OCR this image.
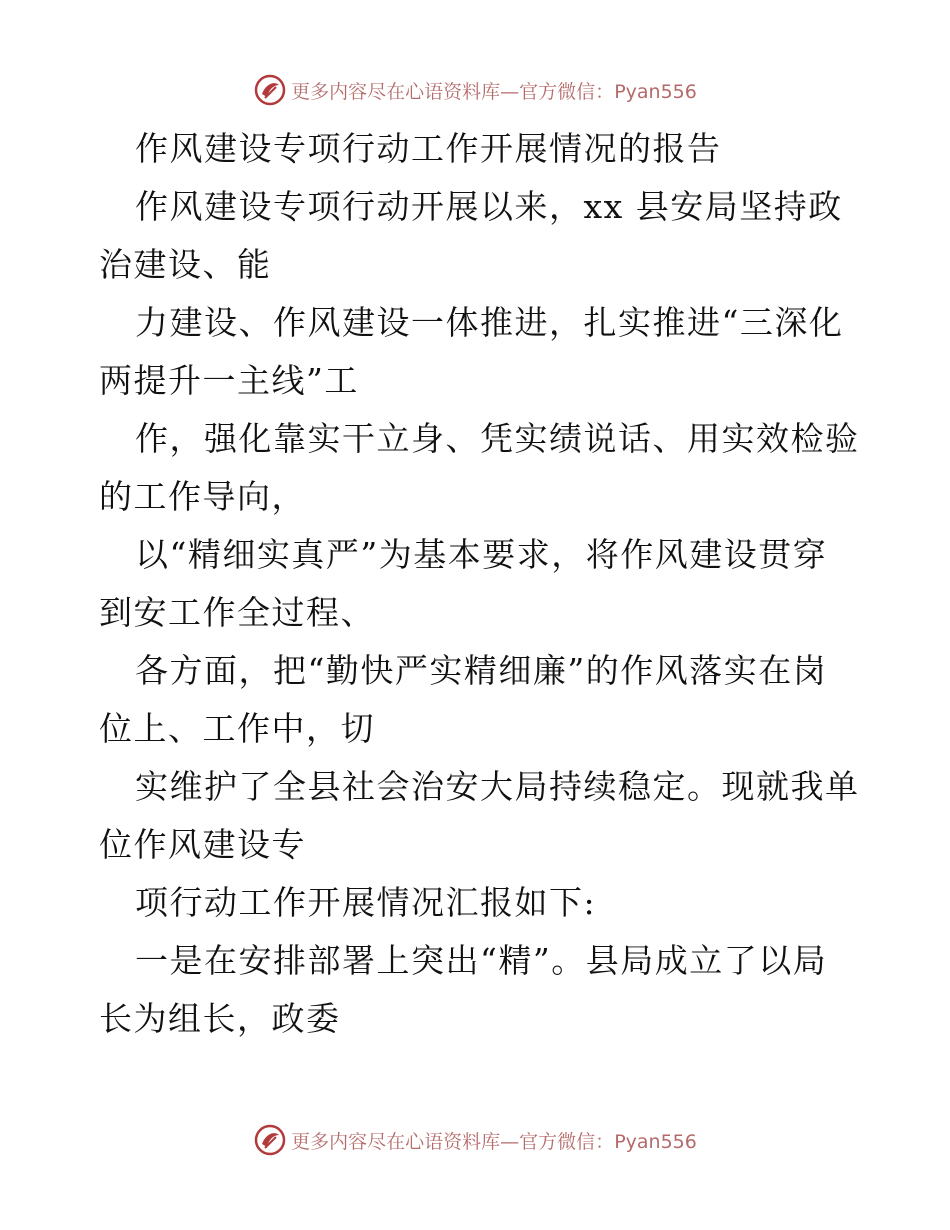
更多内容尽在心语资料库—官方微信：Pyan556
作风建设专项行动工作开展情况的报告
作风建设专项行动开展以来，xx 县安局坚持政
治建设、能
力建设、作风建设一体推进，扎实推进“三深化
两提升一主线”工
作，强化靠实干立身、凭实绩说话、用实效检验
的工作导向，
以“精细实真严”为基本要求，将作风建设贯穿
到安工作全过程、
各方面，把“勤快严实精细廉”的作风落实在岗
位上、工作中，切
实维护了全县社会治安大局持续稳定。现就我单
位作风建设专
项行动工作开展情况汇报如下:
一是在安排部署上突出“精”。县局成立了以局
长为组长，政委
更多内容尽在心语资料库—官方微信：Pyan556
